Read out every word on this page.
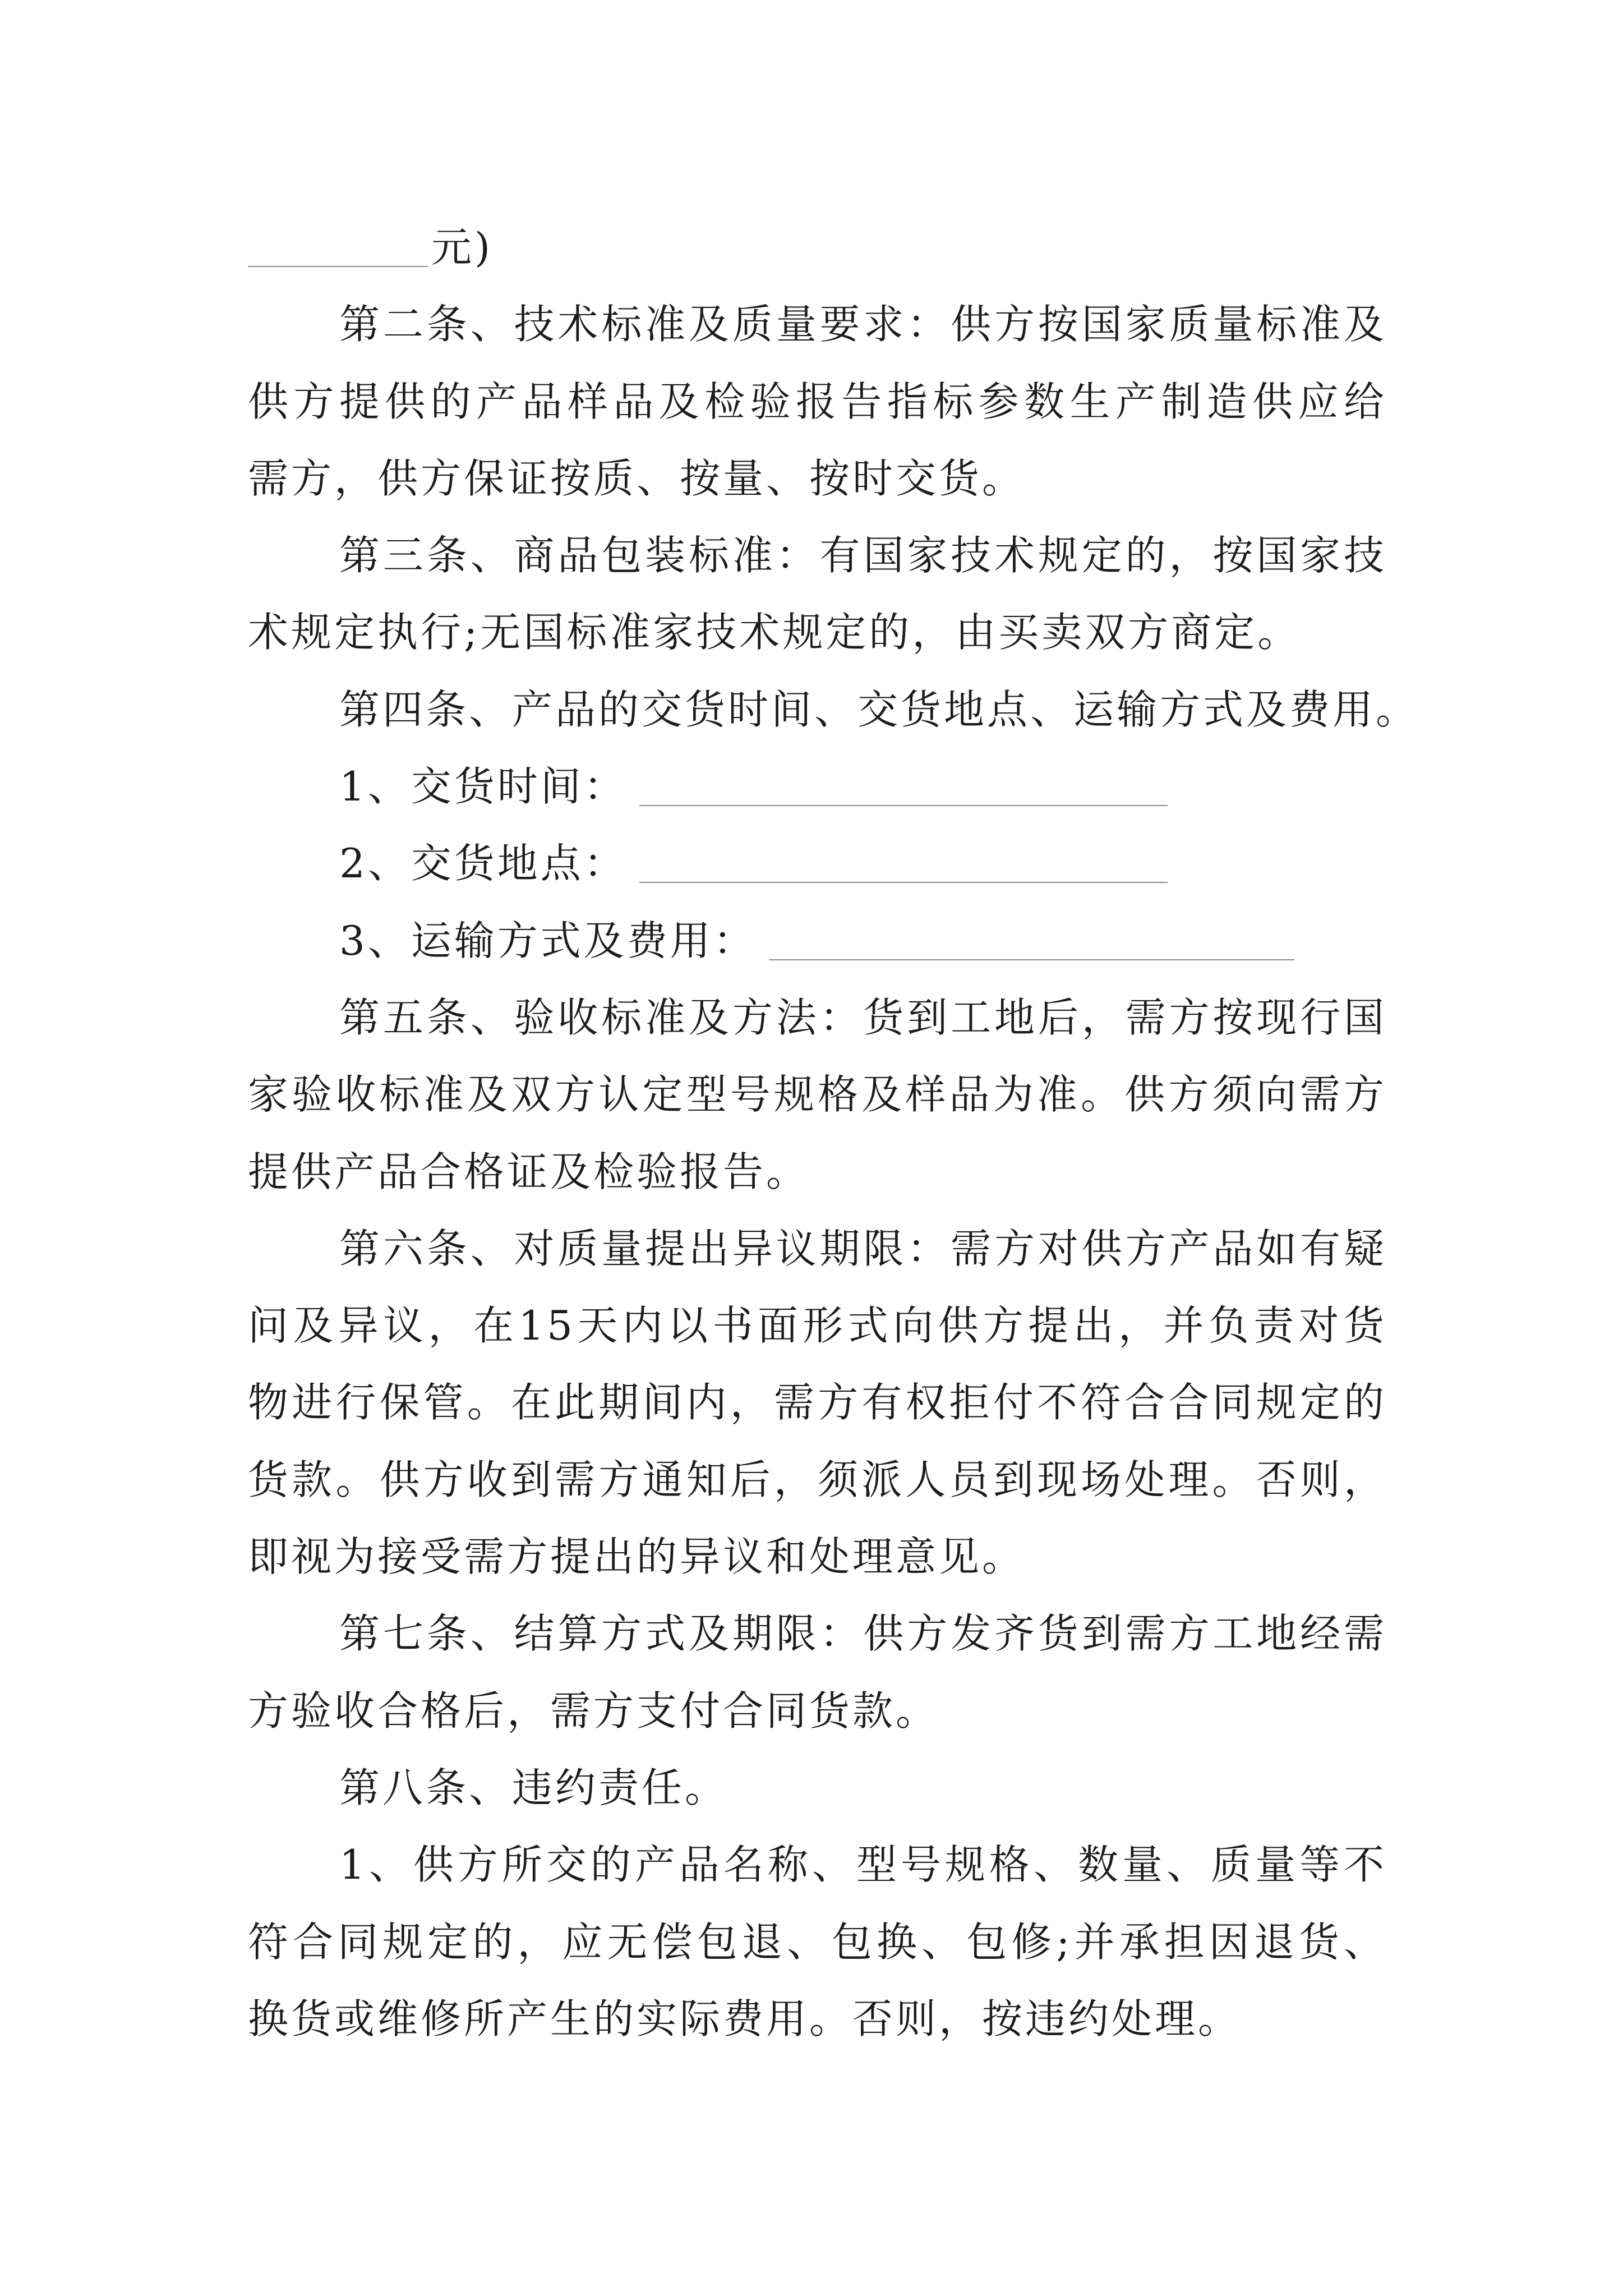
元)
第二条、技术标准及质量要求：供方按国家质量标准及
供方提供的产品样品及检验报告指标参数生产制造供应给
需方，供方保证按质、按量、按时交货。
第三条、商品包装标准：有国家技术规定的，按国家技
术规定执行;无国标准家技术规定的，由买卖双方商定。
第四条、产品的交货时间、交货地点、运输方式及费用。
1、交货时间：
2、交货地点：
3、运输方式及费用：
第五条、验收标准及方法：货到工地后，需方按现行国
家验收标准及双方认定型号规格及样品为准。供方须向需方
提供产品合格证及检验报告。
第六条、对质量提出异议期限：需方对供方产品如有疑
问及异议，在15天内以书面形式向供方提出，并负责对货
物进行保管。在此期间内，需方有权拒付不符合合同规定的
货款。供方收到需方通知后，须派人员到现场处理。否则，
即视为接受需方提出的异议和处理意见。
第七条、结算方式及期限：供方发齐货到需方工地经需
方验收合格后，需方支付合同货款。
第八条、违约责任。
1、供方所交的产品名称、型号规格、数量、质量等不
符合同规定的，应无偿包退、包换、包修;并承担因退货、
换货或维修所产生的实际费用。否则，按违约处理。
